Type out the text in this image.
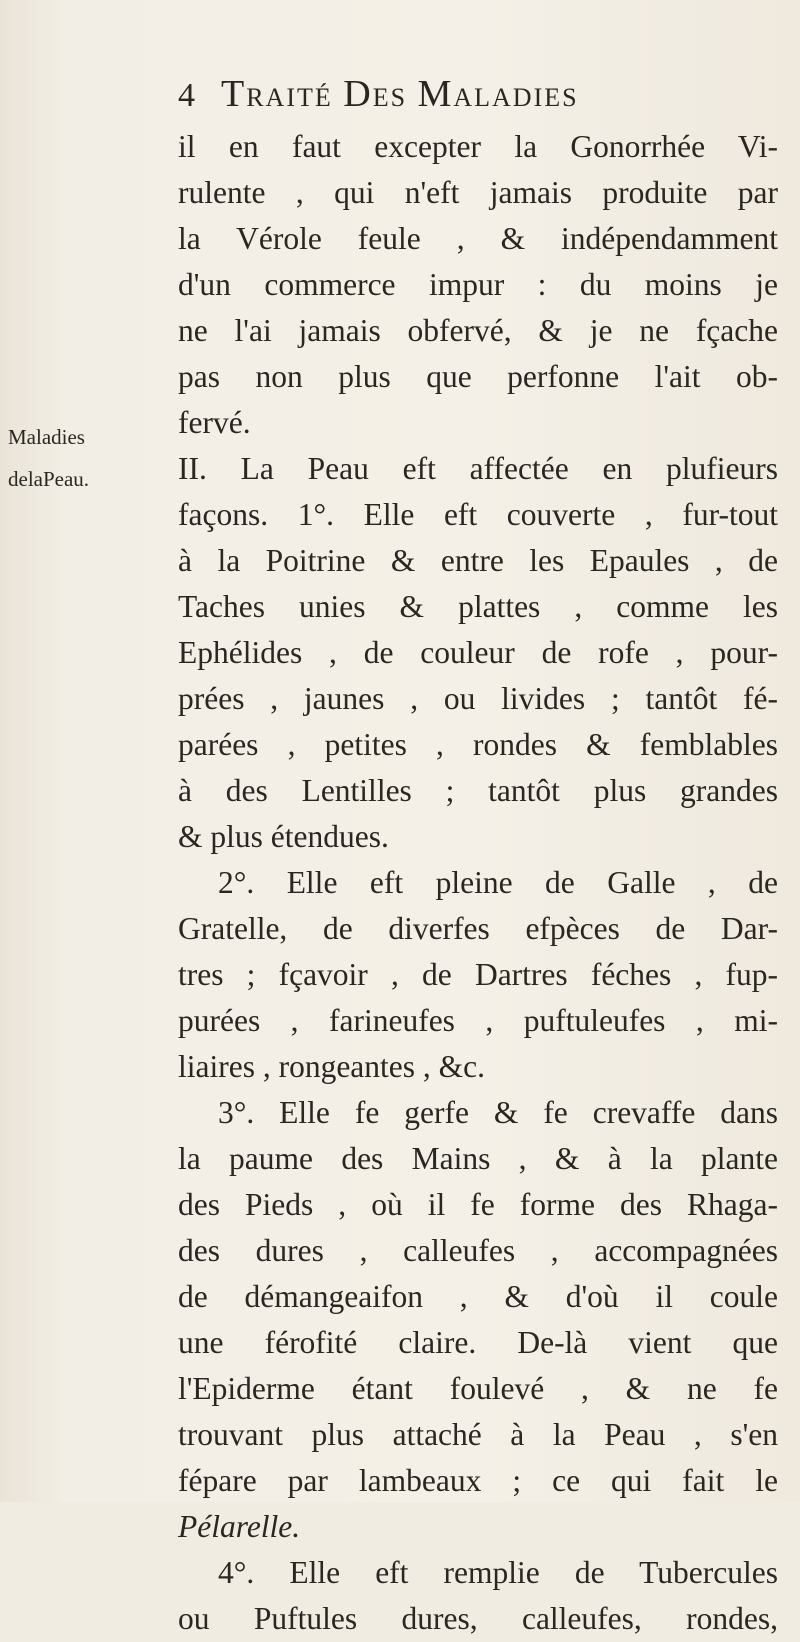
4 TRAITÉ DES MALADIES
Maladies
delaPeau.
il en faut excepter la Gonorrhée Vi-
rulente , qui n'eft jamais produite par
la Vérole feule , & indépendamment
d'un commerce impur : du moins je
ne l'ai jamais obfervé, & je ne fçache
pas non plus que perfonne l'ait ob-
fervé.
II. La Peau eft affectée en plufieurs
façons. 1°. Elle eft couverte , fur-tout
à la Poitrine & entre les Epaules , de
Taches unies & plattes , comme les
Ephélides , de couleur de rofe , pour-
prées , jaunes , ou livides ; tantôt fé-
parées , petites , rondes & femblables
à des Lentilles ; tantôt plus grandes
& plus étendues.
2°. Elle eft pleine de Galle , de
Gratelle, de diverfes efpèces de Dar-
tres ; fçavoir , de Dartres féches , fup-
purées , farineufes , puftuleufes , mi-
liaires , rongeantes , &c.
3°. Elle fe gerfe & fe crevaffe dans
la paume des Mains , & à la plante
des Pieds , où il fe forme des Rhaga-
des dures , calleufes , accompagnées
de démangeaifon , & d'où il coule
une férofité claire. De-là vient que
l'Epiderme étant foulevé , & ne fe
trouvant plus attaché à la Peau , s'en
fépare par lambeaux ; ce qui fait le
Pélarelle.
4°. Elle eft remplie de Tubercules
ou Puftules dures, calleufes, rondes,
